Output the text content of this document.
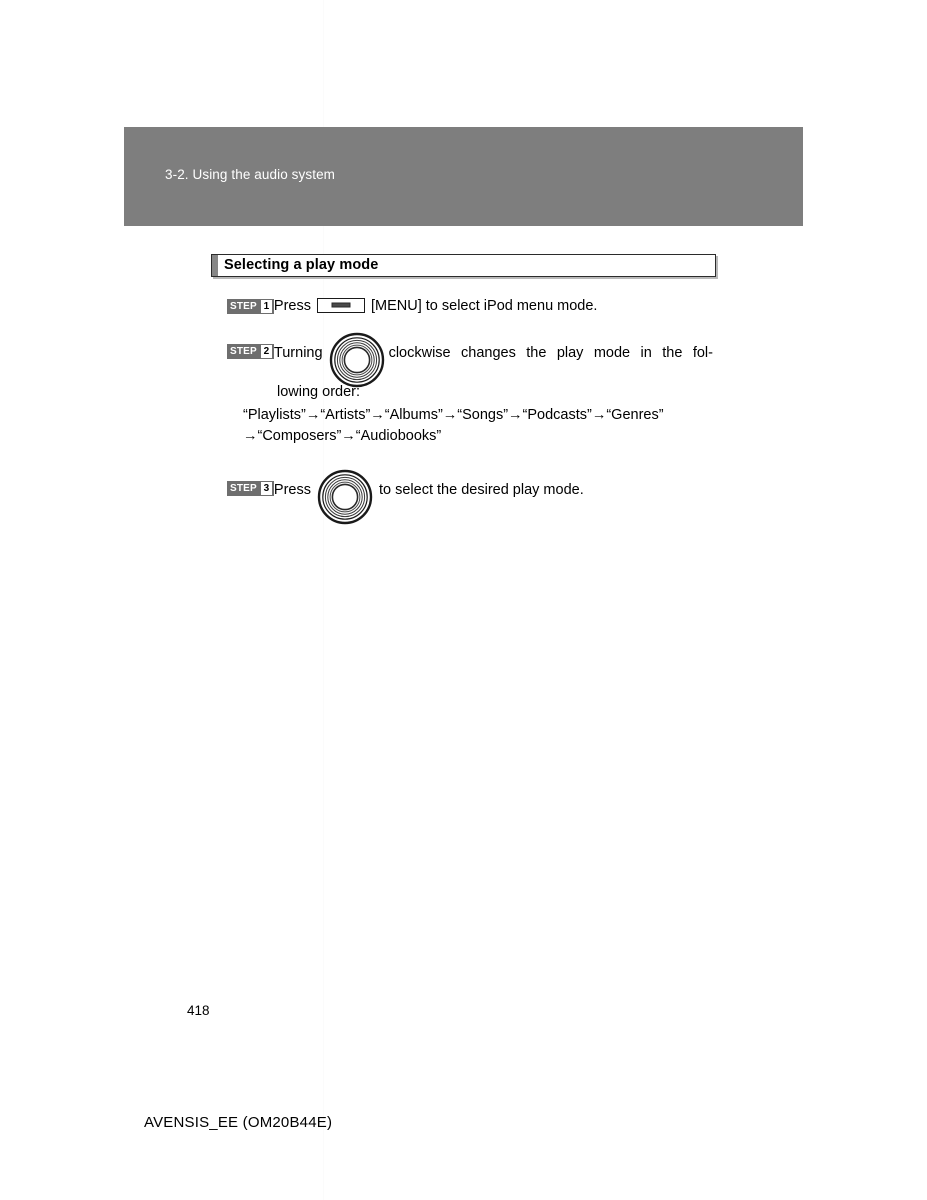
3-2. Using the audio system
Selecting a play mode
STEP 1 Press	[MENU] to select iPod menu mode.
STEP 2 Turning	clockwise changes the play mode in the fol-
lowing order:
“Playlists”→“Artists”→“Albums”→“Songs”→“Podcasts”→“Genres”
→“Composers”→“Audiobooks”
STEP 3 Press	to select the desired play mode.
418
AVENSIS_EE (OM20B44E)
